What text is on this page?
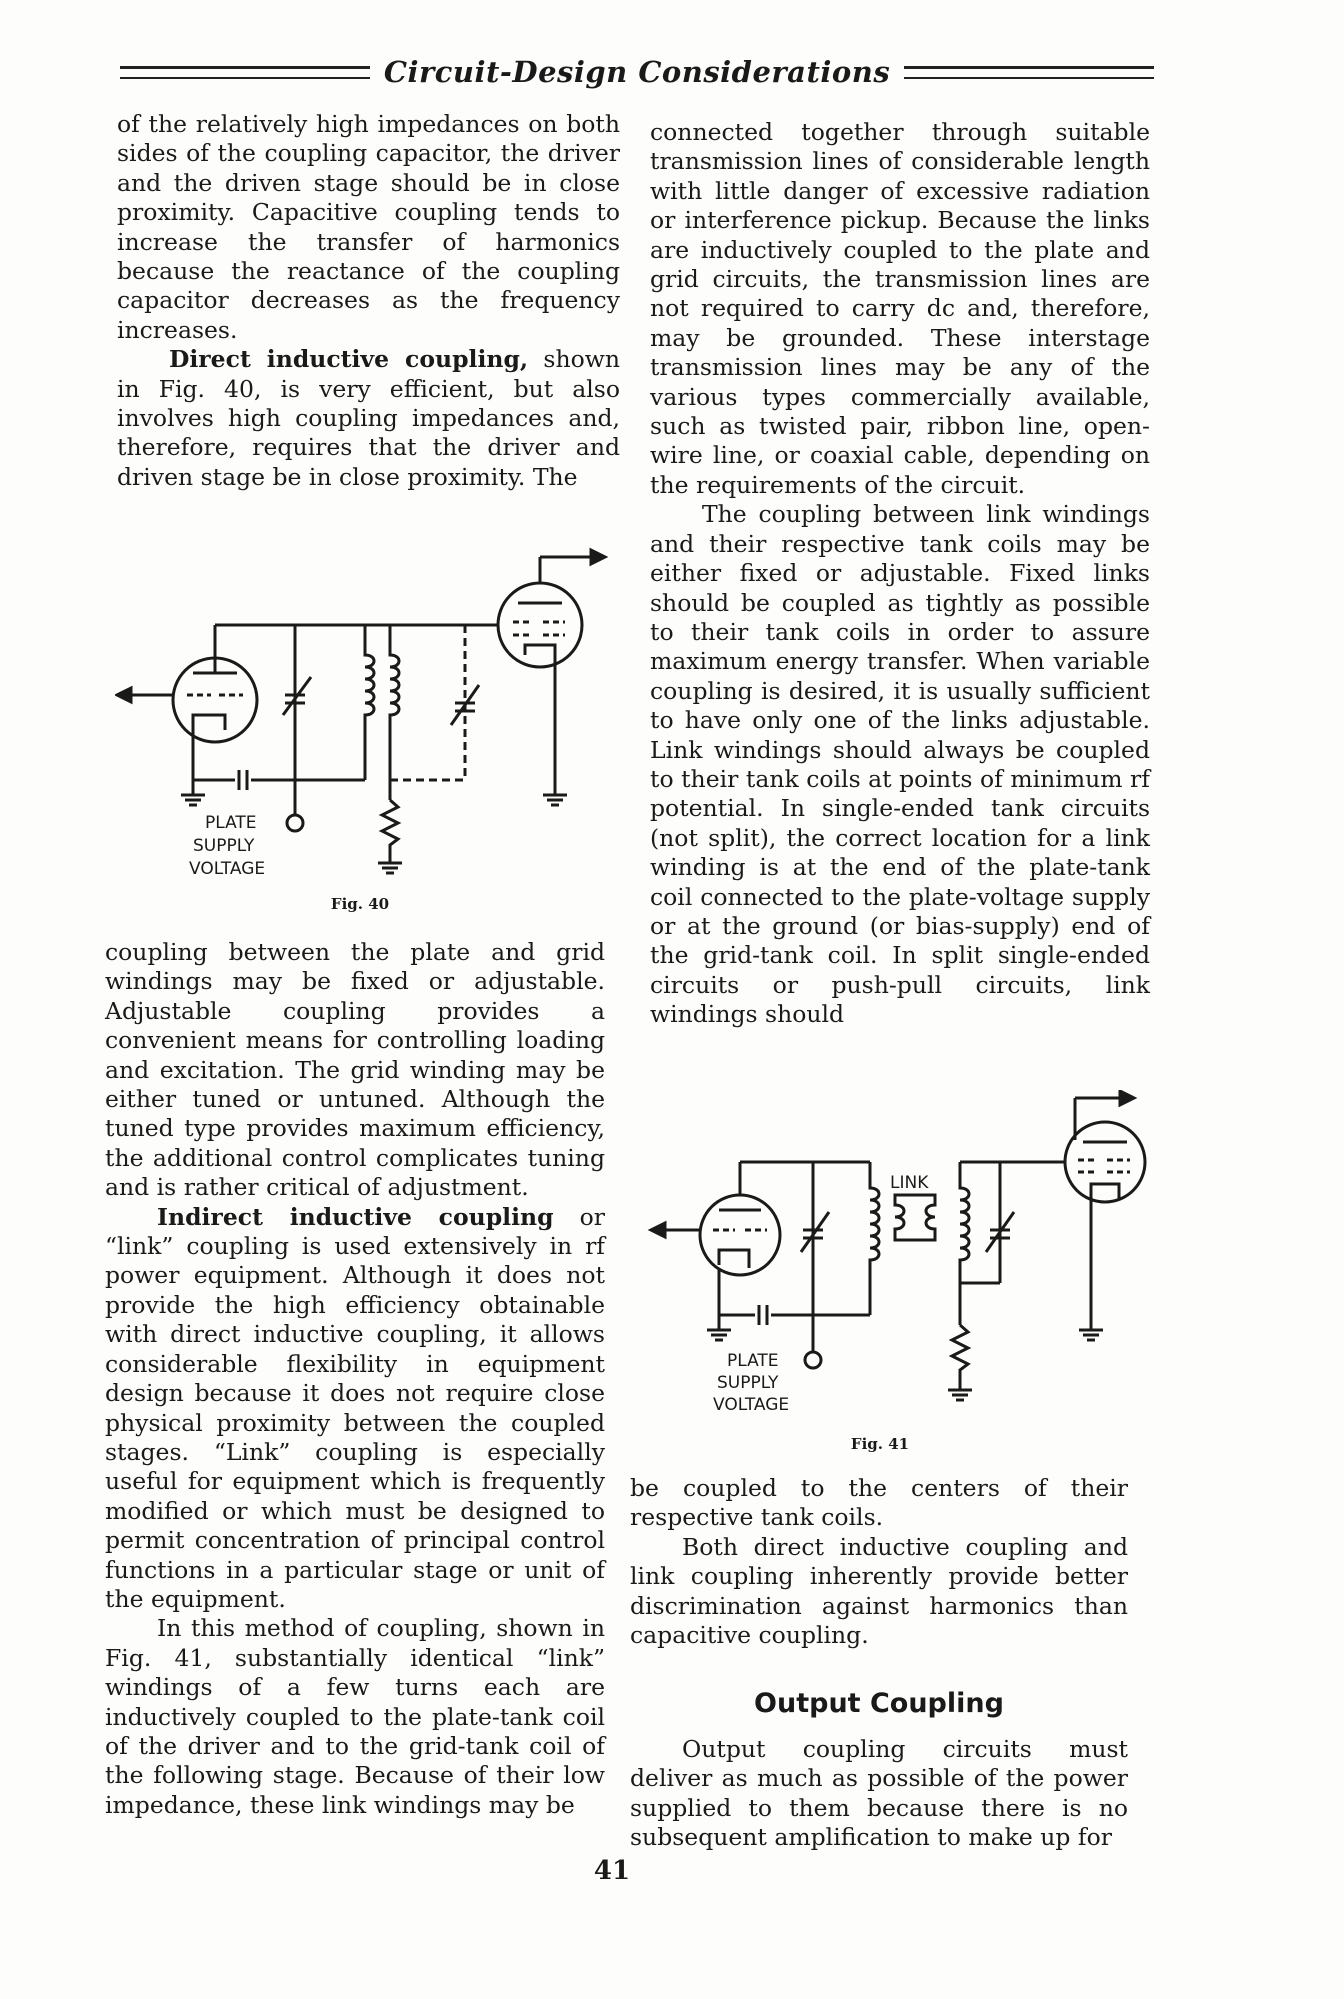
Circuit-Design Considerations

of the relatively high impedances on both sides of the coupling capacitor, the driver and the driven stage should be in close proximity. Capacitive coupling tends to increase the transfer of harmonics because the reactance of the coupling capacitor decreases as the frequency increases.

Direct inductive coupling, shown in Fig. 40, is very efficient, but also involves high coupling impedances and, therefore, requires that the driver and driven stage be in close proximity. The

PLATE
SUPPLY
VOLTAGE
Fig. 40

coupling between the plate and grid windings may be fixed or adjustable. Adjustable coupling provides a convenient means for controlling loading and excitation. The grid winding may be either tuned or untuned. Although the tuned type provides maximum efficiency, the additional control complicates tuning and is rather critical of adjustment.

Indirect inductive coupling or “link” coupling is used extensively in rf power equipment. Although it does not provide the high efficiency obtainable with direct inductive coupling, it allows considerable flexibility in equipment design because it does not require close physical proximity between the coupled stages. “Link” coupling is especially useful for equipment which is frequently modified or which must be designed to permit concentration of principal control functions in a particular stage or unit of the equipment.

In this method of coupling, shown in Fig. 41, substantially identical “link” windings of a few turns each are inductively coupled to the plate-tank coil of the driver and to the grid-tank coil of the following stage. Because of their low impedance, these link windings may be

connected together through suitable transmission lines of considerable length with little danger of excessive radiation or interference pickup. Because the links are inductively coupled to the plate and grid circuits, the transmission lines are not required to carry dc and, therefore, may be grounded. These interstage transmission lines may be any of the various types commercially available, such as twisted pair, ribbon line, open-wire line, or coaxial cable, depending on the requirements of the circuit.

The coupling between link windings and their respective tank coils may be either fixed or adjustable. Fixed links should be coupled as tightly as possible to their tank coils in order to assure maximum energy transfer. When variable coupling is desired, it is usually sufficient to have only one of the links adjustable. Link windings should always be coupled to their tank coils at points of minimum rf potential. In single-ended tank circuits (not split), the correct location for a link winding is at the end of the plate-tank coil connected to the plate-voltage supply or at the ground (or bias-supply) end of the grid-tank coil. In split single-ended circuits or push-pull circuits, link windings should

LINK
PLATE
SUPPLY
VOLTAGE
Fig. 41

be coupled to the centers of their respective tank coils.

Both direct inductive coupling and link coupling inherently provide better discrimination against harmonics than capacitive coupling.

Output Coupling

Output coupling circuits must deliver as much as possible of the power supplied to them because there is no subsequent amplification to make up for

41
